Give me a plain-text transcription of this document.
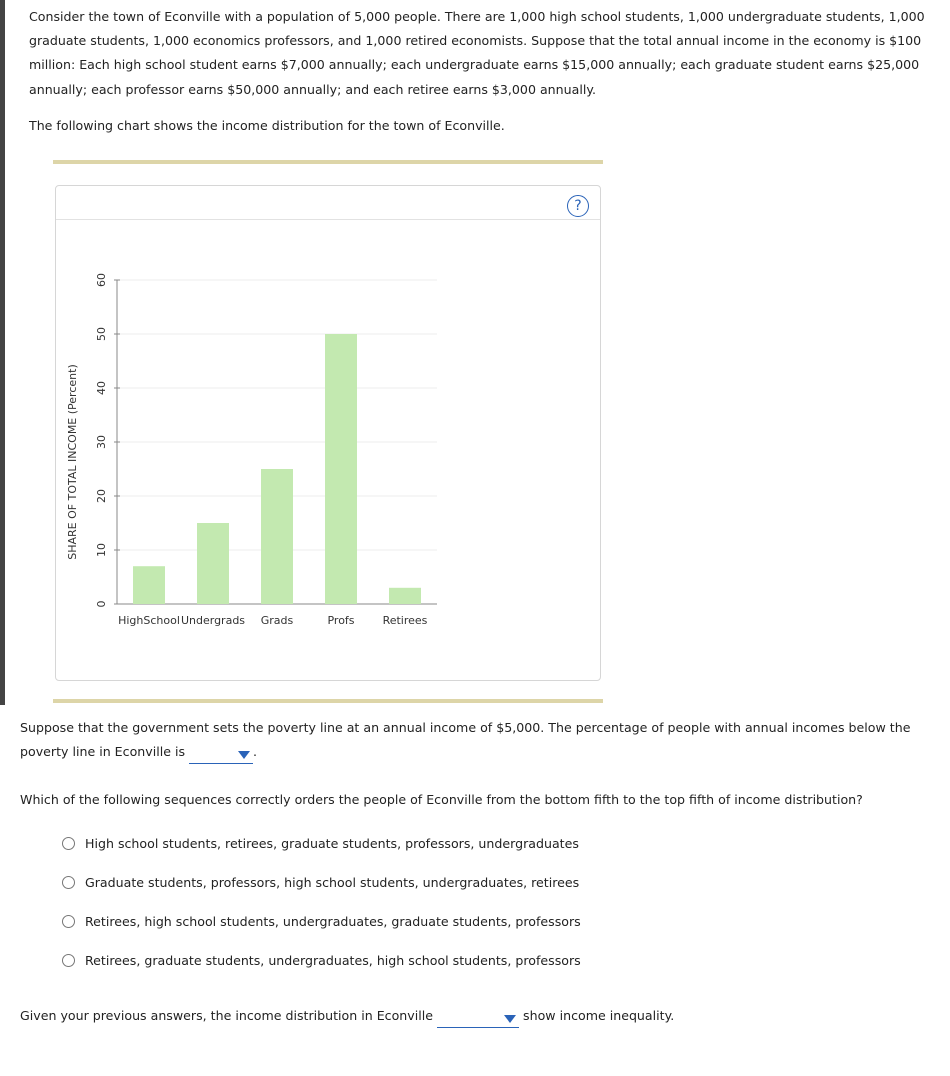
Consider the town of Econville with a population of 5,000 people. There are 1,000 high school students, 1,000 undergraduate students, 1,000 graduate students, 1,000 economics professors, and 1,000 retired economists. Suppose that the total annual income in the economy is $100 million: Each high school student earns $7,000 annually; each undergraduate earns $15,000 annually; each graduate student earns $25,000 annually; each professor earns $50,000 annually; and each retiree earns $3,000 annually.

The following chart shows the income distribution for the town of Econville.

?
0
10
20
30
40
50
60
SHARE OF TOTAL INCOME (Percent)
HighSchool Undergrads Grads	Profs	Retirees

Suppose that the government sets the poverty line at an annual income of $5,000. The percentage of people with annual incomes below the poverty line in Econville is	.

Which of the following sequences correctly orders the people of Econville from the bottom fifth to the top fifth of income distribution?

High school students, retirees, graduate students, professors, undergraduates
Graduate students, professors, high school students, undergraduates, retirees
Retirees, high school students, undergraduates, graduate students, professors
Retirees, graduate students, undergraduates, high school students, professors

Given your previous answers, the income distribution in Econville	show income inequality.
